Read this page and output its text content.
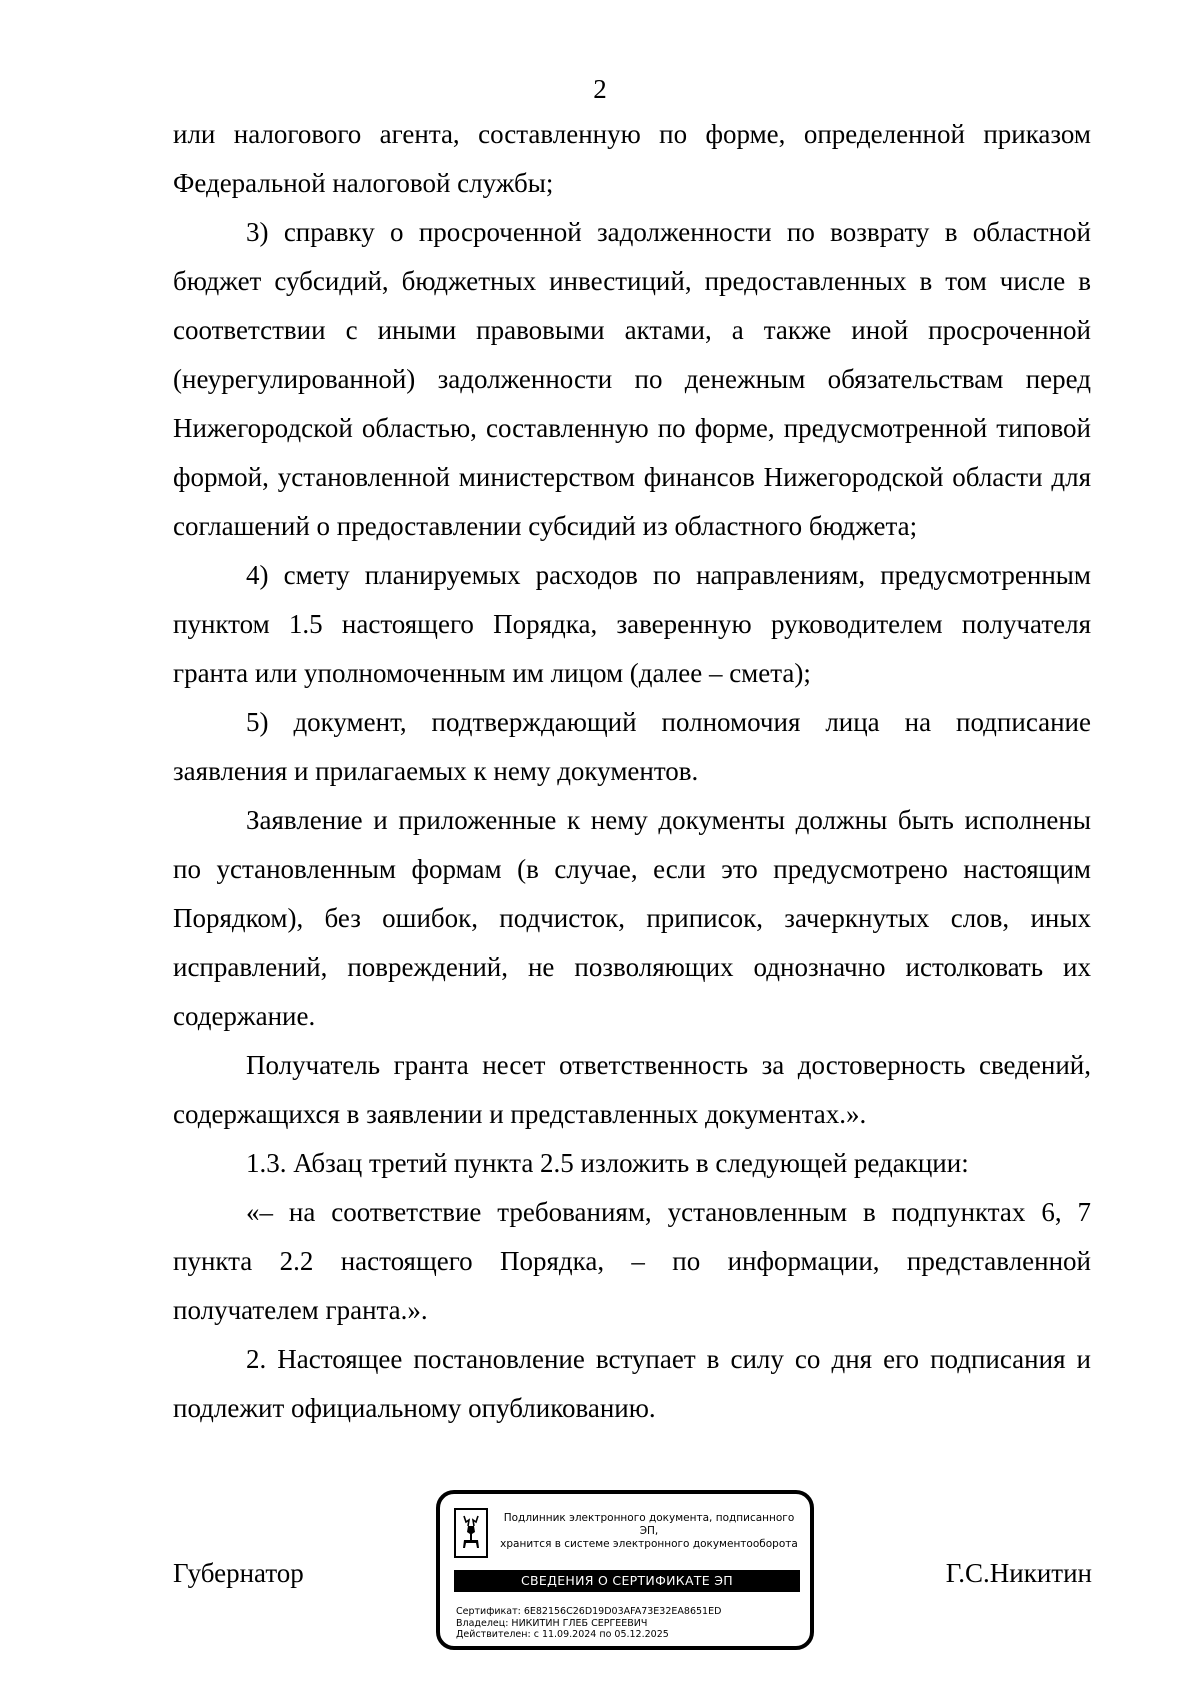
2

или налогового агента, составленную по форме, определенной приказом Федеральной налоговой службы;

3) справку о просроченной задолженности по возврату в областной бюджет субсидий, бюджетных инвестиций, предоставленных в том числе в соответствии с иными правовыми актами, а также иной просроченной (неурегулированной) задолженности по денежным обязательствам перед Нижегородской областью, составленную по форме, предусмотренной типовой формой, установленной министерством финансов Нижегородской области для соглашений о предоставлении субсидий из областного бюджета;

4) смету планируемых расходов по направлениям, предусмотренным пунктом 1.5 настоящего Порядка, заверенную руководителем получателя гранта или уполномоченным им лицом (далее – смета);

5) документ, подтверждающий полномочия лица на подписание заявления и прилагаемых к нему документов.

Заявление и приложенные к нему документы должны быть исполнены по установленным формам (в случае, если это предусмотрено настоящим Порядком), без ошибок, подчисток, приписок, зачеркнутых слов, иных исправлений, повреждений, не позволяющих однозначно истолковать их содержание.

Получатель гранта несет ответственность за достоверность сведений, содержащихся в заявлении и представленных документах.».

1.3. Абзац третий пункта 2.5 изложить в следующей редакции:

«– на соответствие требованиям, установленным в подпунктах 6, 7 пункта 2.2 настоящего Порядка, – по информации, представленной получателем гранта.».

2. Настоящее постановление вступает в силу со дня его подписания и подлежит официальному опубликованию.

Губернатор
Подлинник электронного документа, подписанного ЭП,
хранится в системе электронного документооборота
СВЕДЕНИЯ О СЕРТИФИКАТЕ ЭП
Сертификат: 6E82156C26D19D03AFA73E32EA8651ED
Владелец: НИКИТИН ГЛЕБ СЕРГЕЕВИЧ
Действителен: с 11.09.2024 по 05.12.2025
Г.С.Никитин
